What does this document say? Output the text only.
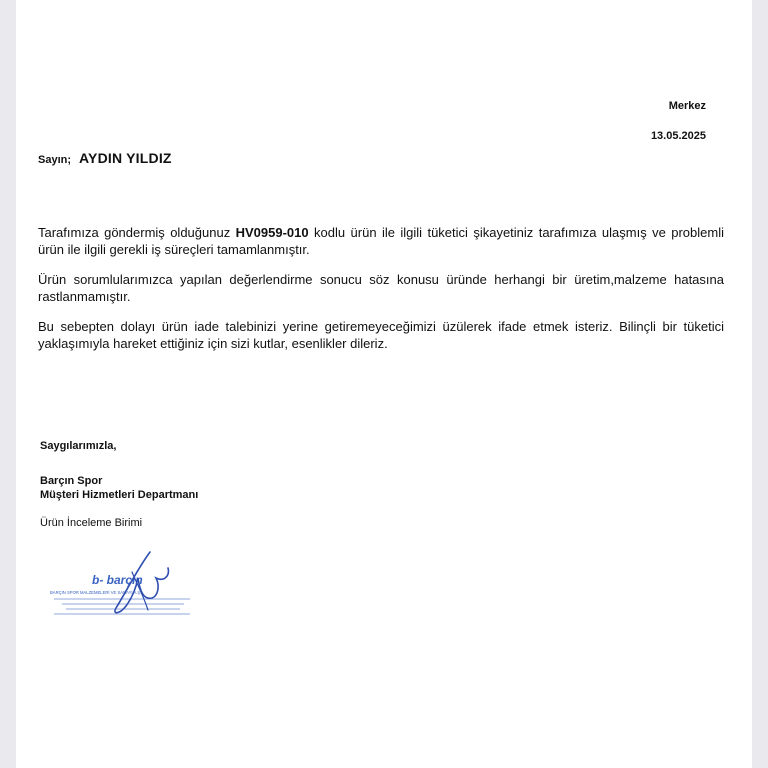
Merkez
13.05.2025
Sayın; AYDIN YILDIZ
Tarafımıza göndermiş olduğunuz HV0959-010 kodlu ürün ile ilgili tüketici şikayetiniz tarafımıza ulaşmış ve problemli ürün ile ilgili gerekli iş süreçleri tamamlanmıştır.
Ürün sorumlularımızca yapılan değerlendirme sonucu söz konusu üründe herhangi bir üretim,malzeme hatasına rastlanmamıştır.
Bu sebepten dolayı ürün iade talebinizi yerine getiremeyeceğimizi üzülerek ifade etmek isteriz. Bilinçli bir tüketici yaklaşımıyla hareket ettiğiniz için sizi kutlar, esenlikler dileriz.
Saygılarımızla,
Barçın Spor
Müşteri Hizmetleri Departmanı
Ürün İnceleme Birimi
b- barçın
BARÇIN SPOR MALZEMELERİ VE SANAYİ A.Ş.
